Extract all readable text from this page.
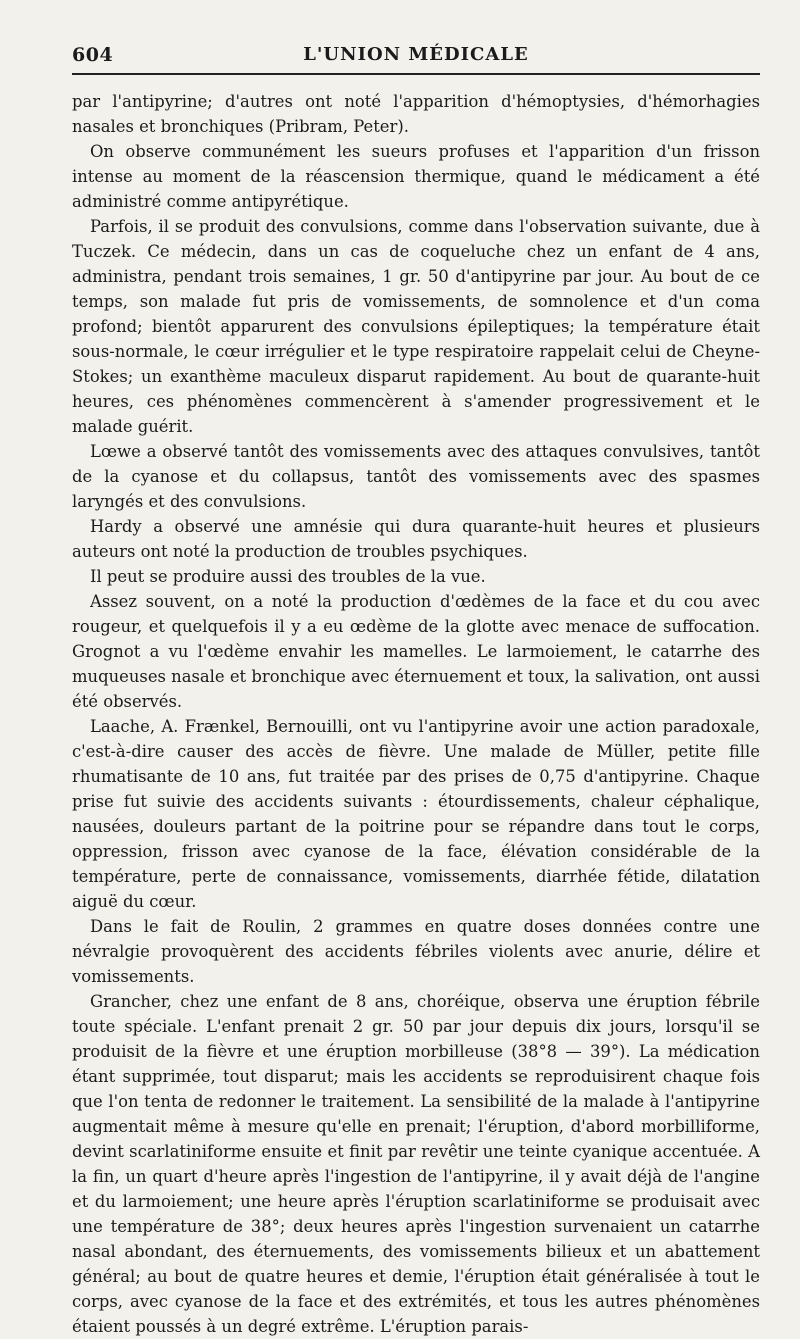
604	L'UNION MÉDICALE

par l'antipyrine; d'autres ont noté l'apparition d'hémoptysies, d'hémorhagies nasales et bronchiques (Pribram, Peter).

On observe communément les sueurs profuses et l'apparition d'un frisson intense au moment de la réascension thermique, quand le médicament a été administré comme antipyrétique.

Parfois, il se produit des convulsions, comme dans l'observation suivante, due à Tuczek. Ce médecin, dans un cas de coqueluche chez un enfant de 4 ans, administra, pendant trois semaines, 1 gr. 50 d'antipyrine par jour. Au bout de ce temps, son malade fut pris de vomissements, de somnolence et d'un coma profond; bientôt apparurent des convulsions épileptiques; la température était sous-normale, le cœur irrégulier et le type respiratoire rappelait celui de Cheyne-Stokes; un exanthème maculeux disparut rapidement. Au bout de quarante-huit heures, ces phénomènes commencèrent à s'amender progressivement et le malade guérit.

Lœwe a observé tantôt des vomissements avec des attaques convulsives, tantôt de la cyanose et du collapsus, tantôt des vomissements avec des spasmes laryngés et des convulsions.

Hardy a observé une amnésie qui dura quarante-huit heures et plusieurs auteurs ont noté la production de troubles psychiques.

Il peut se produire aussi des troubles de la vue.

Assez souvent, on a noté la production d'œdèmes de la face et du cou avec rougeur, et quelquefois il y a eu œdème de la glotte avec menace de suffocation. Grognot a vu l'œdème envahir les mamelles. Le larmoiement, le catarrhe des muqueuses nasale et bronchique avec éternuement et toux, la salivation, ont aussi été observés.

Laache, A. Frænkel, Bernouilli, ont vu l'antipyrine avoir une action paradoxale, c'est-à-dire causer des accès de fièvre. Une malade de Müller, petite fille rhumatisante de 10 ans, fut traitée par des prises de 0,75 d'antipyrine. Chaque prise fut suivie des accidents suivants : étourdissements, chaleur céphalique, nausées, douleurs partant de la poitrine pour se répandre dans tout le corps, oppression, frisson avec cyanose de la face, élévation considérable de la température, perte de connaissance, vomissements, diarrhée fétide, dilatation aiguë du cœur.

Dans le fait de Roulin, 2 grammes en quatre doses données contre une névralgie provoquèrent des accidents fébriles violents avec anurie, délire et vomissements.

Grancher, chez une enfant de 8 ans, choréique, observa une éruption fébrile toute spéciale. L'enfant prenait 2 gr. 50 par jour depuis dix jours, lorsqu'il se produisit de la fièvre et une éruption morbilleuse (38°8 — 39°). La médication étant supprimée, tout disparut; mais les accidents se reproduisirent chaque fois que l'on tenta de redonner le traitement. La sensibilité de la malade à l'antipyrine augmentait même à mesure qu'elle en prenait; l'éruption, d'abord morbilliforme, devint scarlatiniforme ensuite et finit par revêtir une teinte cyanique accentuée. A la fin, un quart d'heure après l'ingestion de l'antipyrine, il y avait déjà de l'angine et du larmoiement; une heure après l'éruption scarlatiniforme se produisait avec une température de 38°; deux heures après l'ingestion survenaient un catarrhe nasal abondant, des éternuements, des vomissements bilieux et un abattement général; au bout de quatre heures et demie, l'éruption était généralisée à tout le corps, avec cyanose de la face et des extrémités, et tous les autres phénomènes étaient poussés à un degré extrême. L'éruption parais-
